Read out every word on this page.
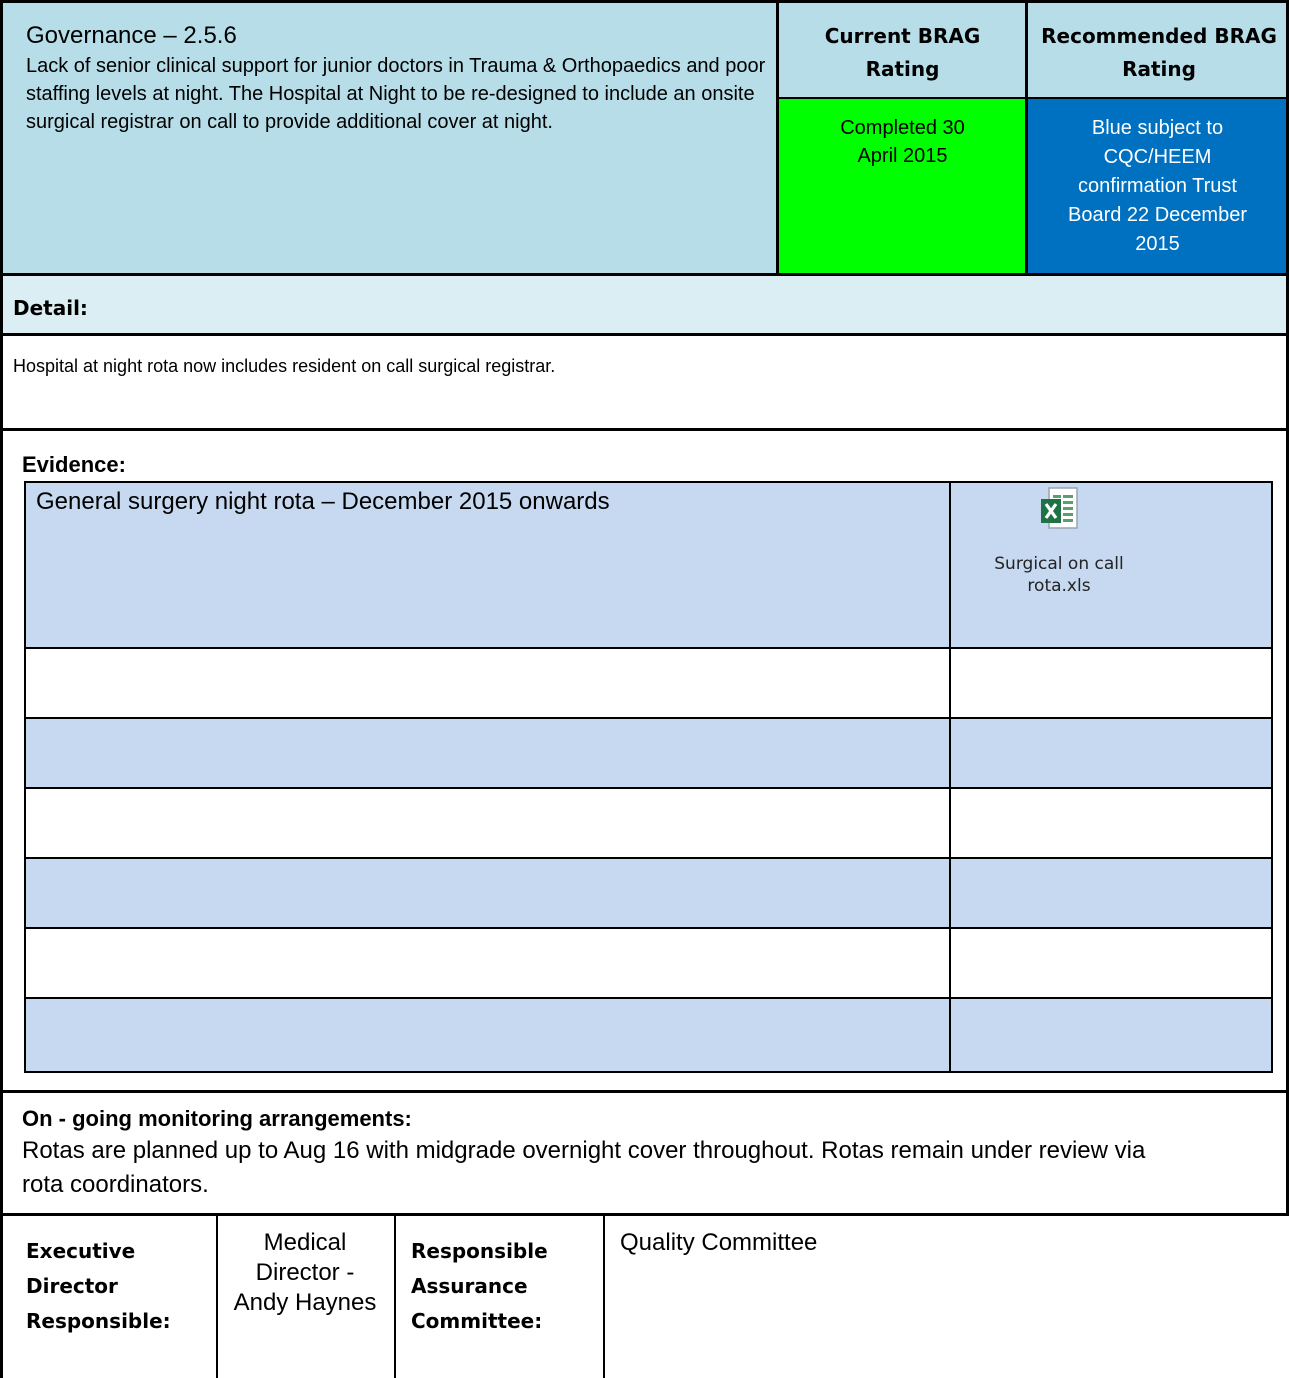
Governance – 2.5.6
Lack of senior clinical support for junior doctors in Trauma & Orthopaedics and poor staffing levels at night. The Hospital at Night to be re-designed to include an onsite surgical registrar on call to provide additional cover at night.
Current BRAG Rating
Recommended BRAG Rating
Completed 30 April 2015
Blue subject to CQC/HEEM confirmation Trust Board 22 December 2015
Detail:
Hospital at night rota now includes resident on call surgical registrar.
Evidence:
General surgery night rota – December 2015 onwards
Surgical on call rota.xls
On - going monitoring arrangements:
Rotas are planned up to Aug 16 with midgrade overnight cover throughout. Rotas remain under review via rota coordinators.
Executive Director Responsible:
Medical Director - Andy Haynes
Responsible Assurance Committee:
Quality Committee
